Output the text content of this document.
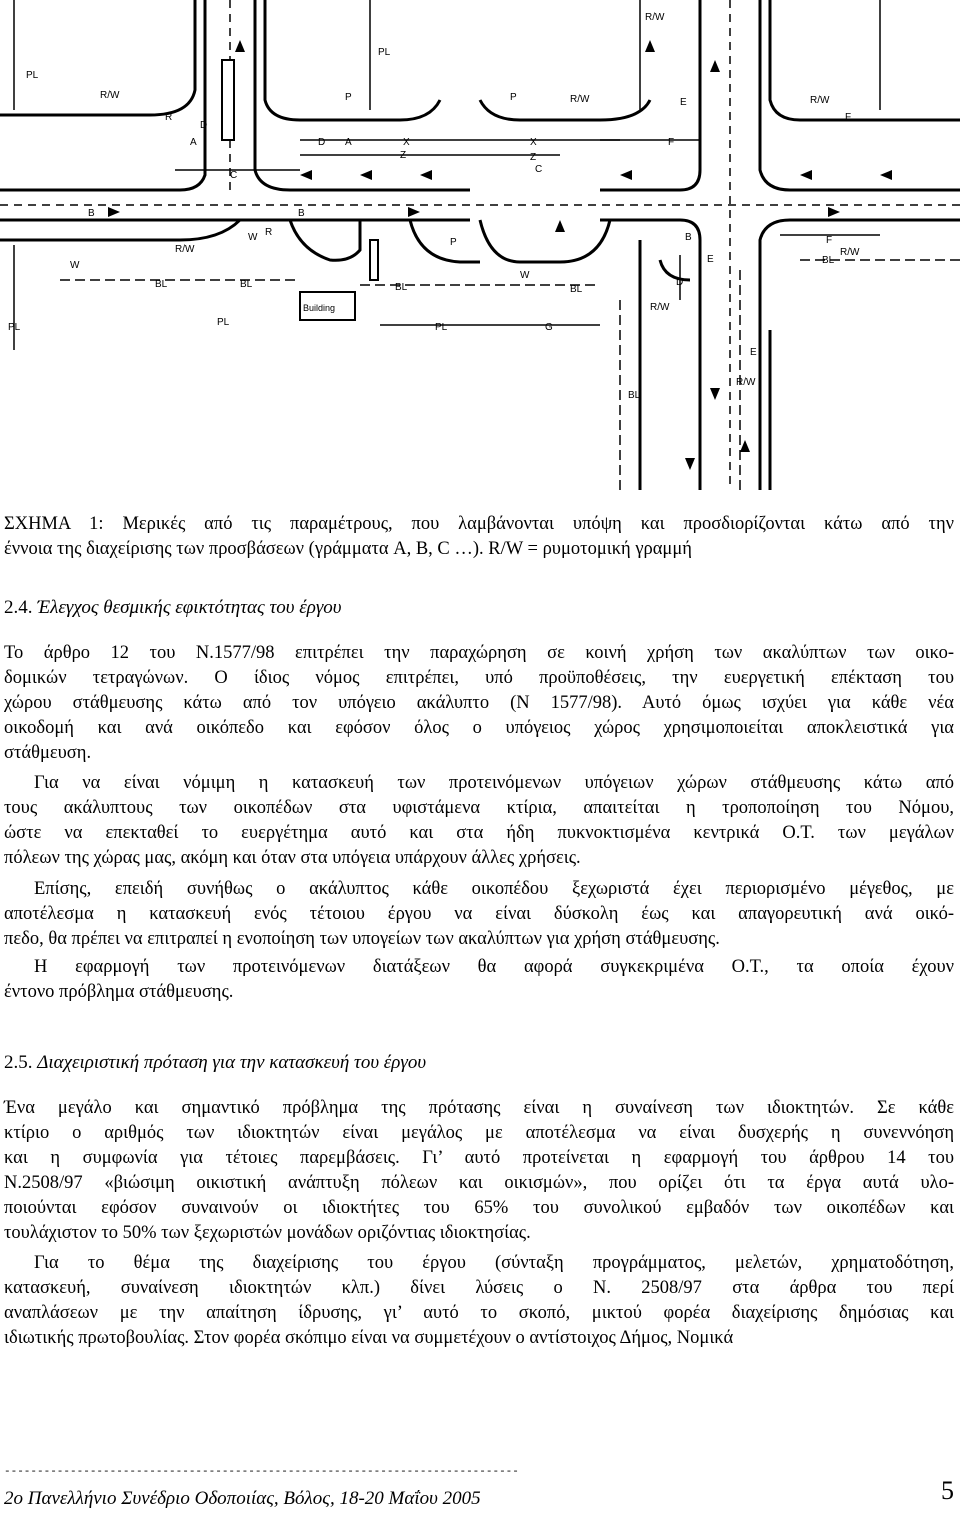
R/W	R/W	R/W
R/W
R
R
P	P
P
A
D
A
D	X	X
Z	Z
F
F
F
E
E
C
C
B	B
B
W
W
W
BL	BL	BL	BL
BL
BL
PL
PL
PL	PL	PL
Building
G
D
E
R/W
R/W
R/W
R/W
ΣΧΗΜΑ 1: Μερικές από τις παραμέτρους, που λαμβάνονται υπόψη και προσδιορίζονται κάτω από την
έννοια της διαχείρισης των προσβάσεων (γράμματα A, B, C …). R/W = ρυμοτομική γραμμή
2.4. Έλεγχος θεσμικής εφικτότητας του έργου
Το άρθρο 12 του Ν.1577/98 επιτρέπει την παραχώρηση σε κοινή χρήση των ακαλύπτων των οικο-
δομικών τετραγώνων. Ο ίδιος νόμος επιτρέπει, υπό προϋποθέσεις, την ευεργετική επέκταση του
χώρου στάθμευσης κάτω από τον υπόγειο ακάλυπτο (Ν 1577/98). Αυτό όμως ισχύει για κάθε νέα
οικοδομή και ανά οικόπεδο και εφόσον όλος ο υπόγειος χώρος χρησιμοποιείται αποκλειστικά για
στάθμευση.
Για να είναι νόμιμη η κατασκευή των προτεινόμενων υπόγειων χώρων στάθμευσης κάτω από
τους ακάλυπτους των οικοπέδων στα υφιστάμενα κτίρια, απαιτείται η τροποποίηση του Νόμου,
ώστε να επεκταθεί το ευεργέτημα αυτό και στα ήδη πυκνοκτισμένα κεντρικά Ο.Τ. των μεγάλων
πόλεων της χώρας μας, ακόμη και όταν στα υπόγεια υπάρχουν άλλες χρήσεις.
Επίσης, επειδή συνήθως ο ακάλυπτος κάθε οικοπέδου ξεχωριστά έχει περιορισμένο μέγεθος, με
αποτέλεσμα η κατασκευή ενός τέτοιου έργου να είναι δύσκολη έως και απαγορευτική ανά οικό-
πεδο, θα πρέπει να επιτραπεί η ενοποίηση των υπογείων των ακαλύπτων για χρήση στάθμευσης.
Η εφαρμογή των προτεινόμενων διατάξεων θα αφορά συγκεκριμένα Ο.Τ., τα οποία έχουν
έντονο πρόβλημα στάθμευσης.
2.5. Διαχειριστική πρόταση για την κατασκευή του έργου
Ένα μεγάλο και σημαντικό πρόβλημα της πρότασης είναι η συναίνεση των ιδιοκτητών. Σε κάθε
κτίριο ο αριθμός των ιδιοκτητών είναι μεγάλος με αποτέλεσμα να είναι δυσχερής η συνεννόηση
και η συμφωνία για τέτοιες παρεμβάσεις. Γι’ αυτό προτείνεται η εφαρμογή του άρθρου 14 του
Ν.2508/97 «βιώσιμη οικιστική ανάπτυξη πόλεων και οικισμών», που ορίζει ότι τα έργα αυτά υλο-
ποιούνται εφόσον συναινούν οι ιδιοκτήτες του 65% του συνολικού εμβαδόν των οικοπέδων και
τουλάχιστον το 50% των ξεχωριστών μονάδων οριζόντιας ιδιοκτησίας.
Για το θέμα της διαχείρισης του έργου (σύνταξη προγράμματος, μελετών, χρηματοδότηση,
κατασκευή, συναίνεση ιδιοκτητών κλπ.) δίνει λύσεις ο Ν. 2508/97 στα άρθρα του περί
αναπλάσεων με την απαίτηση ίδρυσης, γι’ αυτό το σκοπό, μικτού φορέα διαχείρισης δημόσιας και
ιδιωτικής πρωτοβουλίας. Στον φορέα σκόπιμο είναι να συμμετέχουν ο αντίστοιχος Δήμος, Νομικά
------------------------------------------------------------------------------
2o Πανελλήνιο Συνέδριο Οδοποιίας, Βόλος, 18-20 Μαΐου 2005	5
